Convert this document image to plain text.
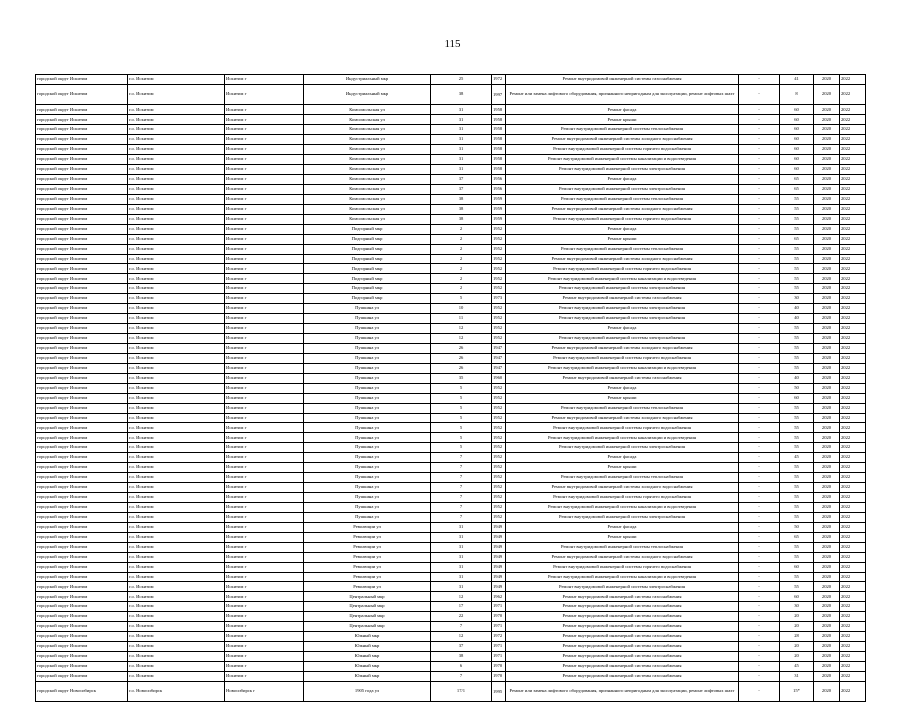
115
городской округ Искитим	г.о. Искитим	Искитим г	Индустриальный мкр	25	1972	Ремонт внутридомовой инженерной системы газоснабжения	-	41	2020	2022
городской округ Искитим	г.о. Искитим	Искитим г	Индустриальный мкр	38	1997	Ремонт или замена лифтового оборудования, признанного непригодным для эксплуатации, ремонт лифтовых шахт	-	8	2020	2022
городской округ Искитим	г.о. Искитим	Искитим г	Комсомольская ул	31	1958	Ремонт фасада	-	60	2020	2022
городской округ Искитим	г.о. Искитим	Искитим г	Комсомольская ул	31	1958	Ремонт крыши	-	60	2020	2022
городской округ Искитим	г.о. Искитим	Искитим г	Комсомольская ул	31	1958	Ремонт внутридомовой инженерной системы теплоснабжения	-	60	2020	2022
городской округ Искитим	г.о. Искитим	Искитим г	Комсомольская ул	31	1958	Ремонт внутридомовой инженерной системы холодного водоснабжения	-	60	2020	2022
городской округ Искитим	г.о. Искитим	Искитим г	Комсомольская ул	31	1958	Ремонт внутридомовой инженерной системы горячего водоснабжения	-	60	2020	2022
городской округ Искитим	г.о. Искитим	Искитим г	Комсомольская ул	31	1958	Ремонт внутридомовой инженерной системы канализации и водоотведения	-	60	2020	2022
городской округ Искитим	г.о. Искитим	Искитим г	Комсомольская ул	31	1958	Ремонт внутридомовой инженерной системы электроснабжения	-	60	2020	2022
городской округ Искитим	г.о. Искитим	Искитим г	Комсомольская ул	37	1956	Ремонт фасада	-	65	2020	2022
городской округ Искитим	г.о. Искитим	Искитим г	Комсомольская ул	37	1956	Ремонт внутридомовой инженерной системы электроснабжения	-	65	2020	2022
городской округ Искитим	г.о. Искитим	Искитим г	Комсомольская ул	38	1959	Ремонт внутридомовой инженерной системы теплоснабжения	-	55	2020	2022
городской округ Искитим	г.о. Искитим	Искитим г	Комсомольская ул	38	1959	Ремонт внутридомовой инженерной системы холодного водоснабжения	-	55	2020	2022
городской округ Искитим	г.о. Искитим	Искитим г	Комсомольская ул	38	1959	Ремонт внутридомовой инженерной системы горячего водоснабжения	-	55	2020	2022
городской округ Искитим	г.о. Искитим	Искитим г	Подгорный мкр	2	1952	Ремонт фасада	-	55	2020	2022
городской округ Искитим	г.о. Искитим	Искитим г	Подгорный мкр	2	1952	Ремонт крыши	-	65	2020	2022
городской округ Искитим	г.о. Искитим	Искитим г	Подгорный мкр	2	1952	Ремонт внутридомовой инженерной системы теплоснабжения	-	55	2020	2022
городской округ Искитим	г.о. Искитим	Искитим г	Подгорный мкр	2	1952	Ремонт внутридомовой инженерной системы холодного водоснабжения	-	55	2020	2022
городской округ Искитим	г.о. Искитим	Искитим г	Подгорный мкр	2	1952	Ремонт внутридомовой инженерной системы горячего водоснабжения	-	55	2020	2022
городской округ Искитим	г.о. Искитим	Искитим г	Подгорный мкр	2	1952	Ремонт внутридомовой инженерной системы канализации и водоотведения	-	55	2020	2022
городской округ Искитим	г.о. Искитим	Искитим г	Подгорный мкр	2	1952	Ремонт внутридомовой инженерной системы электроснабжения	-	55	2020	2022
городской округ Искитим	г.о. Искитим	Искитим г	Подгорный мкр	5	1973	Ремонт внутридомовой инженерной системы газоснабжения	-	30	2020	2022
городской округ Искитим	г.о. Искитим	Искитим г	Пушкина ул	10	1952	Ремонт внутридомовой инженерной системы электроснабжения	-	40	2020	2022
городской округ Искитим	г.о. Искитим	Искитим г	Пушкина ул	11	1952	Ремонт внутридомовой инженерной системы электроснабжения	-	40	2020	2022
городской округ Искитим	г.о. Искитим	Искитим г	Пушкина ул	12	1952	Ремонт фасада	-	55	2020	2022
городской округ Искитим	г.о. Искитим	Искитим г	Пушкина ул	12	1952	Ремонт внутридомовой инженерной системы электроснабжения	-	55	2020	2022
городской округ Искитим	г.о. Искитим	Искитим г	Пушкина ул	26	1947	Ремонт внутридомовой инженерной системы холодного водоснабжения	-	55	2020	2022
городской округ Искитим	г.о. Искитим	Искитим г	Пушкина ул	26	1947	Ремонт внутридомовой инженерной системы горячего водоснабжения	-	55	2020	2022
городской округ Искитим	г.о. Искитим	Искитим г	Пушкина ул	26	1947	Ремонт внутридомовой инженерной системы канализации и водоотведения	-	55	2020	2022
городской округ Искитим	г.о. Искитим	Искитим г	Пушкина ул	35	1960	Ремонт внутридомовой инженерной системы газоснабжения	-	40	2020	2022
городской округ Искитим	г.о. Искитим	Искитим г	Пушкина ул	5	1952	Ремонт фасада	-	50	2020	2022
городской округ Искитим	г.о. Искитим	Искитим г	Пушкина ул	5	1952	Ремонт крыши	-	60	2020	2022
городской округ Искитим	г.о. Искитим	Искитим г	Пушкина ул	5	1952	Ремонт внутридомовой инженерной системы теплоснабжения	-	55	2020	2022
городской округ Искитим	г.о. Искитим	Искитим г	Пушкина ул	5	1952	Ремонт внутридомовой инженерной системы холодного водоснабжения	-	55	2020	2022
городской округ Искитим	г.о. Искитим	Искитим г	Пушкина ул	5	1952	Ремонт внутридомовой инженерной системы горячего водоснабжения	-	55	2020	2022
городской округ Искитим	г.о. Искитим	Искитим г	Пушкина ул	5	1952	Ремонт внутридомовой инженерной системы канализации и водоотведения	-	55	2020	2022
городской округ Искитим	г.о. Искитим	Искитим г	Пушкина ул	5	1952	Ремонт внутридомовой инженерной системы электроснабжения	-	55	2020	2022
городской округ Искитим	г.о. Искитим	Искитим г	Пушкина ул	7	1952	Ремонт фасада	-	45	2020	2022
городской округ Искитим	г.о. Искитим	Искитим г	Пушкина ул	7	1952	Ремонт крыши	-	55	2020	2022
городской округ Искитим	г.о. Искитим	Искитим г	Пушкина ул	7	1952	Ремонт внутридомовой инженерной системы теплоснабжения	-	55	2020	2022
городской округ Искитим	г.о. Искитим	Искитим г	Пушкина ул	7	1952	Ремонт внутридомовой инженерной системы холодного водоснабжения	-	55	2020	2022
городской округ Искитим	г.о. Искитим	Искитим г	Пушкина ул	7	1952	Ремонт внутридомовой инженерной системы горячего водоснабжения	-	55	2020	2022
городской округ Искитим	г.о. Искитим	Искитим г	Пушкина ул	7	1952	Ремонт внутридомовой инженерной системы канализации и водоотведения	-	55	2020	2022
городской округ Искитим	г.о. Искитим	Искитим г	Пушкина ул	7	1952	Ремонт внутридомовой инженерной системы электроснабжения	-	55	2020	2022
городской округ Искитим	г.о. Искитим	Искитим г	Революции ул	31	1949	Ремонт фасада	-	50	2020	2022
городской округ Искитим	г.о. Искитим	Искитим г	Революции ул	31	1949	Ремонт крыши	-	65	2020	2022
городской округ Искитим	г.о. Искитим	Искитим г	Революции ул	31	1949	Ремонт внутридомовой инженерной системы теплоснабжения	-	55	2020	2022
городской округ Искитим	г.о. Искитим	Искитим г	Революции ул	31	1949	Ремонт внутридомовой инженерной системы холодного водоснабжения	-	55	2020	2022
городской округ Искитим	г.о. Искитим	Искитим г	Революции ул	31	1949	Ремонт внутридомовой инженерной системы горячего водоснабжения	-	60	2020	2022
городской округ Искитим	г.о. Искитим	Искитим г	Революции ул	31	1949	Ремонт внутридомовой инженерной системы канализации и водоотведения	-	55	2020	2022
городской округ Искитим	г.о. Искитим	Искитим г	Революции ул	31	1949	Ремонт внутридомовой инженерной системы электроснабжения	-	55	2020	2022
городской округ Искитим	г.о. Искитим	Искитим г	Центральный мкр	12	1962	Ремонт внутридомовой инженерной системы газоснабжения	-	60	2020	2022
городской округ Искитим	г.о. Искитим	Искитим г	Центральный мкр	17	1971	Ремонт внутридомовой инженерной системы газоснабжения	-	30	2020	2022
городской округ Искитим	г.о. Искитим	Искитим г	Центральный мкр	22	1970	Ремонт внутридомовой инженерной системы газоснабжения	-	20	2020	2022
городской округ Искитим	г.о. Искитим	Искитим г	Центральный мкр	7	1971	Ремонт внутридомовой инженерной системы газоснабжения	-	20	2020	2022
городской округ Искитим	г.о. Искитим	Искитим г	Южный мкр	12	1972	Ремонт внутридомовой инженерной системы газоснабжения	-	28	2020	2022
городской округ Искитим	г.о. Искитим	Искитим г	Южный мкр	37	1971	Ремонт внутридомовой инженерной системы газоснабжения	-	20	2020	2022
городской округ Искитим	г.о. Искитим	Искитим г	Южный мкр	38	1971	Ремонт внутридомовой инженерной системы газоснабжения	-	20	2020	2022
городской округ Искитим	г.о. Искитим	Искитим г	Южный мкр	6	1970	Ремонт внутридомовой инженерной системы газоснабжения	-	45	2020	2022
городской округ Искитим	г.о. Искитим	Искитим г	Южный мкр	7	1970	Ремонт внутридомовой инженерной системы газоснабжения	-	31	2020	2022
городской округ Новосибирск	г.о. Новосибирск	Новосибирск г	1905 года ул	17/1	1995	Ремонт или замена лифтового оборудования, признанного непригодным для эксплуатации, ремонт лифтовых шахт	-	15*	2020	2022
